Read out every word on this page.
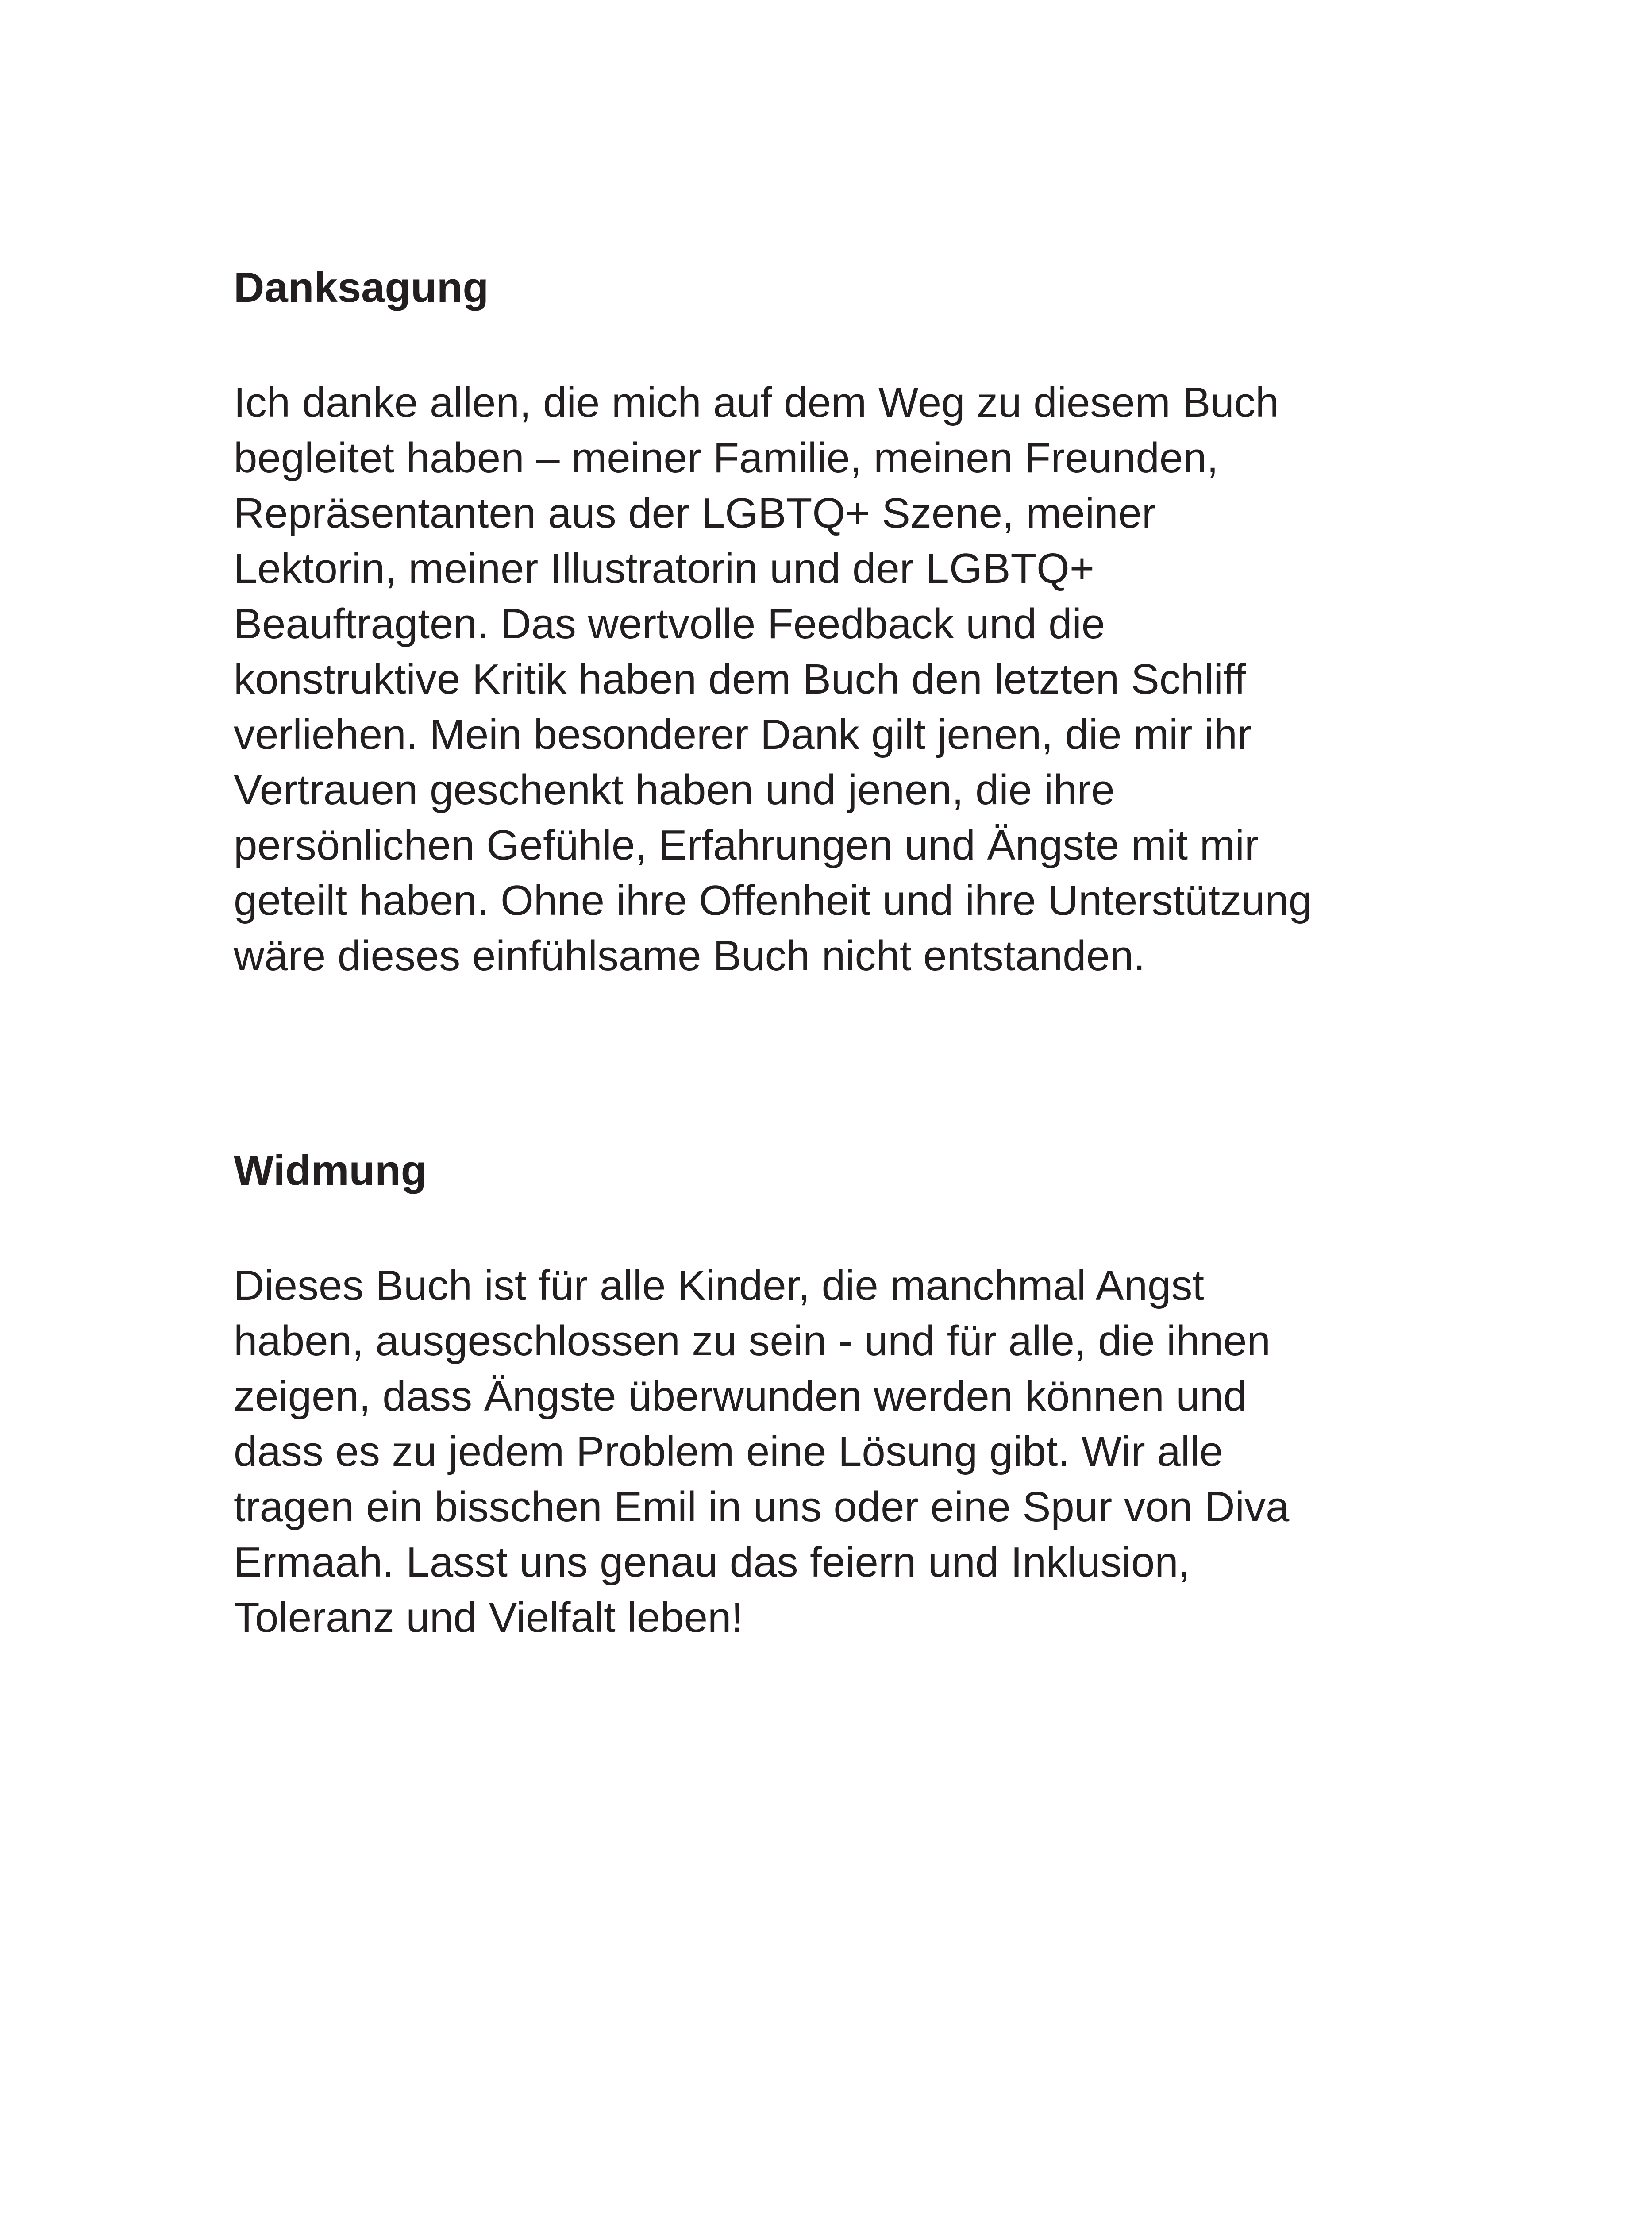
Danksagung

Ich danke allen, die mich auf dem Weg zu diesem Buch
begleitet haben – meiner Familie, meinen Freunden,
Repräsentanten aus der LGBTQ+ Szene, meiner
Lektorin, meiner Illustratorin und der LGBTQ+
Beauftragten. Das wertvolle Feedback und die
konstruktive Kritik haben dem Buch den letzten Schliff
verliehen. Mein besonderer Dank gilt jenen, die mir ihr
Vertrauen geschenkt haben und jenen, die ihre
persönlichen Gefühle, Erfahrungen und Ängste mit mir
geteilt haben. Ohne ihre Offenheit und ihre Unterstützung
wäre dieses einfühlsame Buch nicht entstanden.

Widmung

Dieses Buch ist für alle Kinder, die manchmal Angst
haben, ausgeschlossen zu sein - und für alle, die ihnen
zeigen, dass Ängste überwunden werden können und
dass es zu jedem Problem eine Lösung gibt. Wir alle
tragen ein bisschen Emil in uns oder eine Spur von Diva
Ermaah. Lasst uns genau das feiern und Inklusion,
Toleranz und Vielfalt leben!
